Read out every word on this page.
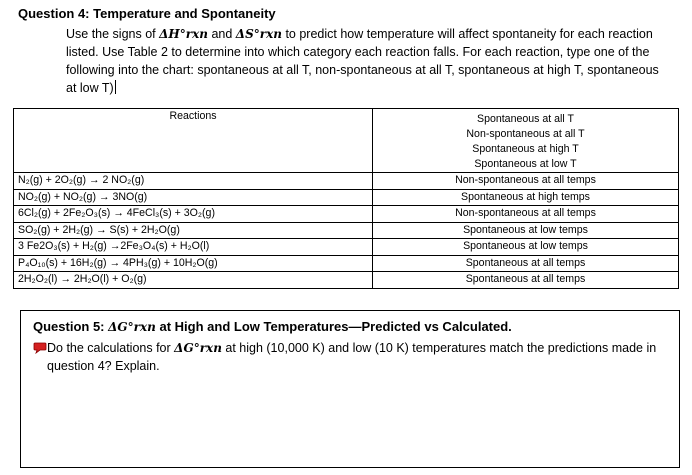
Question 4: Temperature and Spontaneity
Use the signs of ΔH°rxn and ΔS°rxn to predict how temperature will affect spontaneity for each reaction listed. Use Table 2 to determine into which category each reaction falls. For each reaction, type one of the following into the chart: spontaneous at all T, non-spontaneous at all T, spontaneous at high T, spontaneous at low T)
Reactions	Spontaneous at all T
Non-spontaneous at all T
Spontaneous at high T
Spontaneous at low T

N₂(g) + 2O₂(g) → 2 NO₂(g)	Non-spontaneous at all temps
NO₂(g) + NO₂(g) → 3NO(g)	Spontaneous at high temps
6Cl₂(g) + 2Fe₂O₃(s) → 4FeCl₃(s) + 3O₂(g)	Non-spontaneous at all temps
SO₂(g) + 2H₂(g) → S(s) + 2H₂O(g)	Spontaneous at low temps
3 Fe2O₃(s) + H₂(g) →2Fe₃O₄(s) + H₂O(l)	Spontaneous at low temps
P₄O₁₀(s) + 16H₂(g) → 4PH₃(g) + 10H₂O(g)	Spontaneous at all temps
2H₂O₂(l) → 2H₂O(l) + O₂(g)	Spontaneous at all temps
Question 5: ΔG°rxn at High and Low Temperatures—Predicted vs Calculated.
Do the calculations for ΔG°rxn at high (10,000 K) and low (10 K) temperatures match the predictions made in question 4? Explain.
